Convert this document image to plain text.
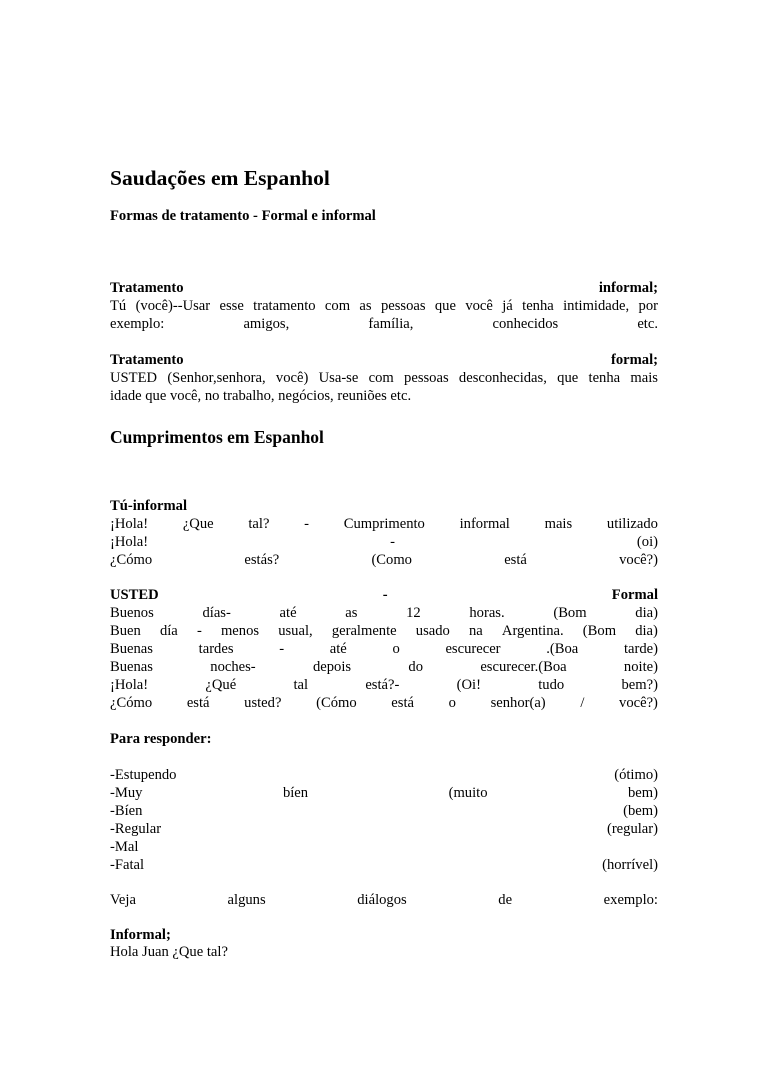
Saudações em Espanhol
Formas de tratamento - Formal e informal
Tratamento	informal;
Tú (você)--Usar esse tratamento com as pessoas que você já tenha intimidade, por
exemplo:	amigos,	família,	conhecidos	etc.
Tratamento	formal;
USTED (Senhor,senhora, você) Usa-se com pessoas desconhecidas, que tenha mais
idade que você, no trabalho, negócios, reuniões etc.
Cumprimentos em Espanhol
Tú-informal
¡Hola! ¿Que tal? - Cumprimento informal mais utilizado
¡Hola!	-	(oi)
¿Cómo	estás?	(Como	está	você?)
USTED	-	Formal
Buenos	días-	até	as	12	horas.	(Bom	dia)
Buen día - menos usual, geralmente usado na Argentina. (Bom dia)
Buenas	tardes	-	até	o	escurecer	.(Boa	tarde)
Buenas	noches-	depois	do	escurecer.(Boa	noite)
¡Hola!	¿Qué	tal	está?-	(Oi!	tudo	bem?)
¿Cómo está usted? (Cómo está o senhor(a) / você?)
Para responder:
-Estupendo	(ótimo)
-Muy	bíen	(muito	bem)
-Bíen	(bem)
-Regular	(regular)
-Mal
-Fatal	(horrível)
Veja	alguns	diálogos	de	exemplo:
Informal;
Hola Juan ¿Que tal?
